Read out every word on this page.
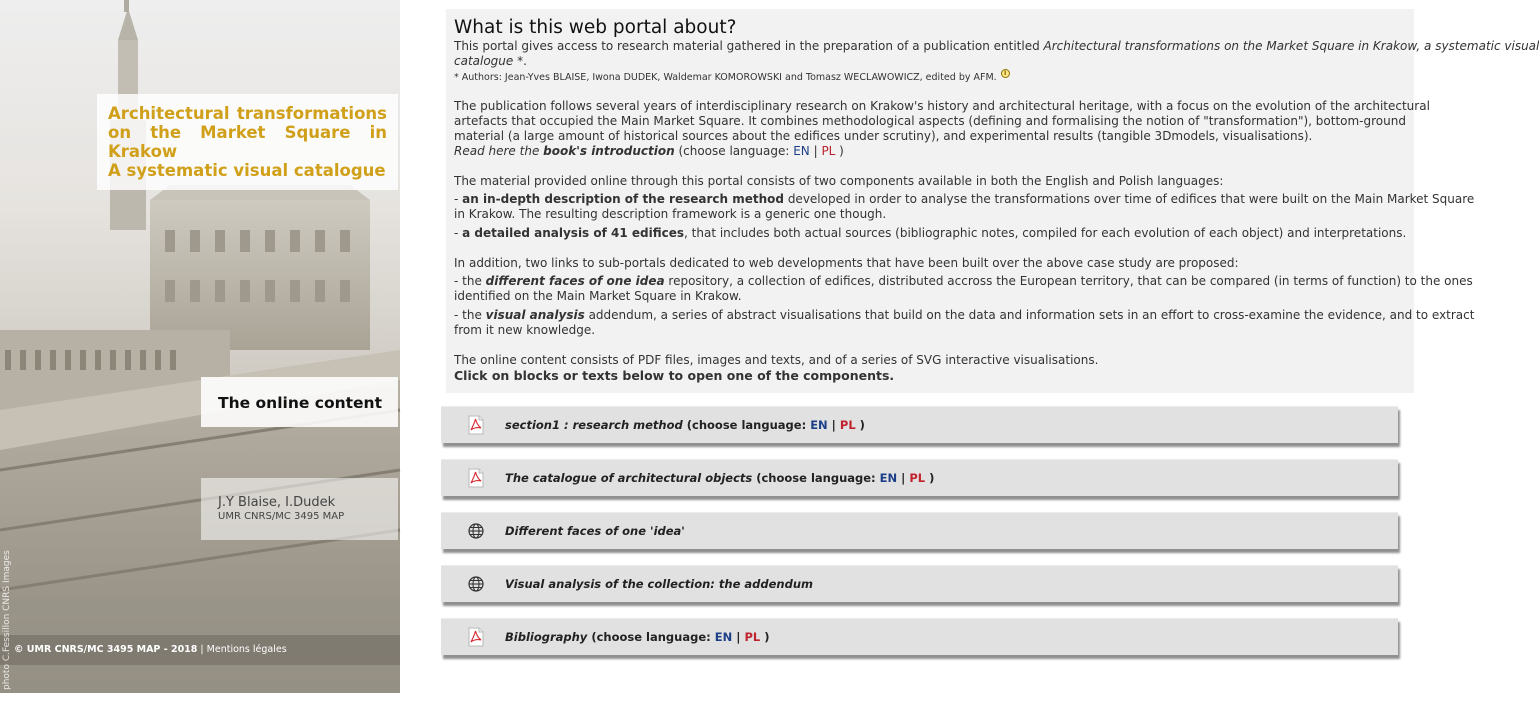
Architectural transformations
on the Market Square in
Krakow
A systematic visual catalogue
The online content
J.Y Blaise, I.Dudek
UMR CNRS/MC 3495 MAP
© UMR CNRS/MC 3495 MAP - 2018 | Mentions légales
photo C.Fessillon CNRS Images
What is this web portal about?

This portal gives access to research material gathered in the preparation of a publication entitled Architectural transformations on the Market Square in Krakow, a systematic visual

catalogue *.

* Authors: Jean-Yves BLAISE, Iwona DUDEK, Waldemar KOMOROWSKI and Tomasz WECLAWOWICZ, edited by AFM. i

The publication follows several years of interdisciplinary research on Krakow's history and architectural heritage, with a focus on the evolution of the architectural

artefacts that occupied the Main Market Square. It combines methodological aspects (defining and formalising the notion of "transformation"), bottom-ground

material (a large amount of historical sources about the edifices under scrutiny), and experimental results (tangible 3Dmodels, visualisations).

Read here the book's introduction (choose language: EN | PL )

The material provided online through this portal consists of two components available in both the English and Polish languages:

- an in-depth description of the research method developed in order to analyse the transformations over time of edifices that were built on the Main Market Square

in Krakow. The resulting description framework is a generic one though.

- a detailed analysis of 41 edifices, that includes both actual sources (bibliographic notes, compiled for each evolution of each object) and interpretations.

In addition, two links to sub-portals dedicated to web developments that have been built over the above case study are proposed:

- the different faces of one idea repository, a collection of edifices, distributed accross the European territory, that can be compared (in terms of function) to the ones

identified on the Main Market Square in Krakow.

- the visual analysis addendum, a series of abstract visualisations that build on the data and information sets in an effort to cross-examine the evidence, and to extract

from it new knowledge.

The online content consists of PDF files, images and texts, and of a series of SVG interactive visualisations.

Click on blocks or texts below to open one of the components.

section1 : research method (choose language: EN | PL )
The catalogue of architectural objects (choose language: EN | PL )
Different faces of one 'idea'
Visual analysis of the collection: the addendum
Bibliography (choose language: EN | PL )
